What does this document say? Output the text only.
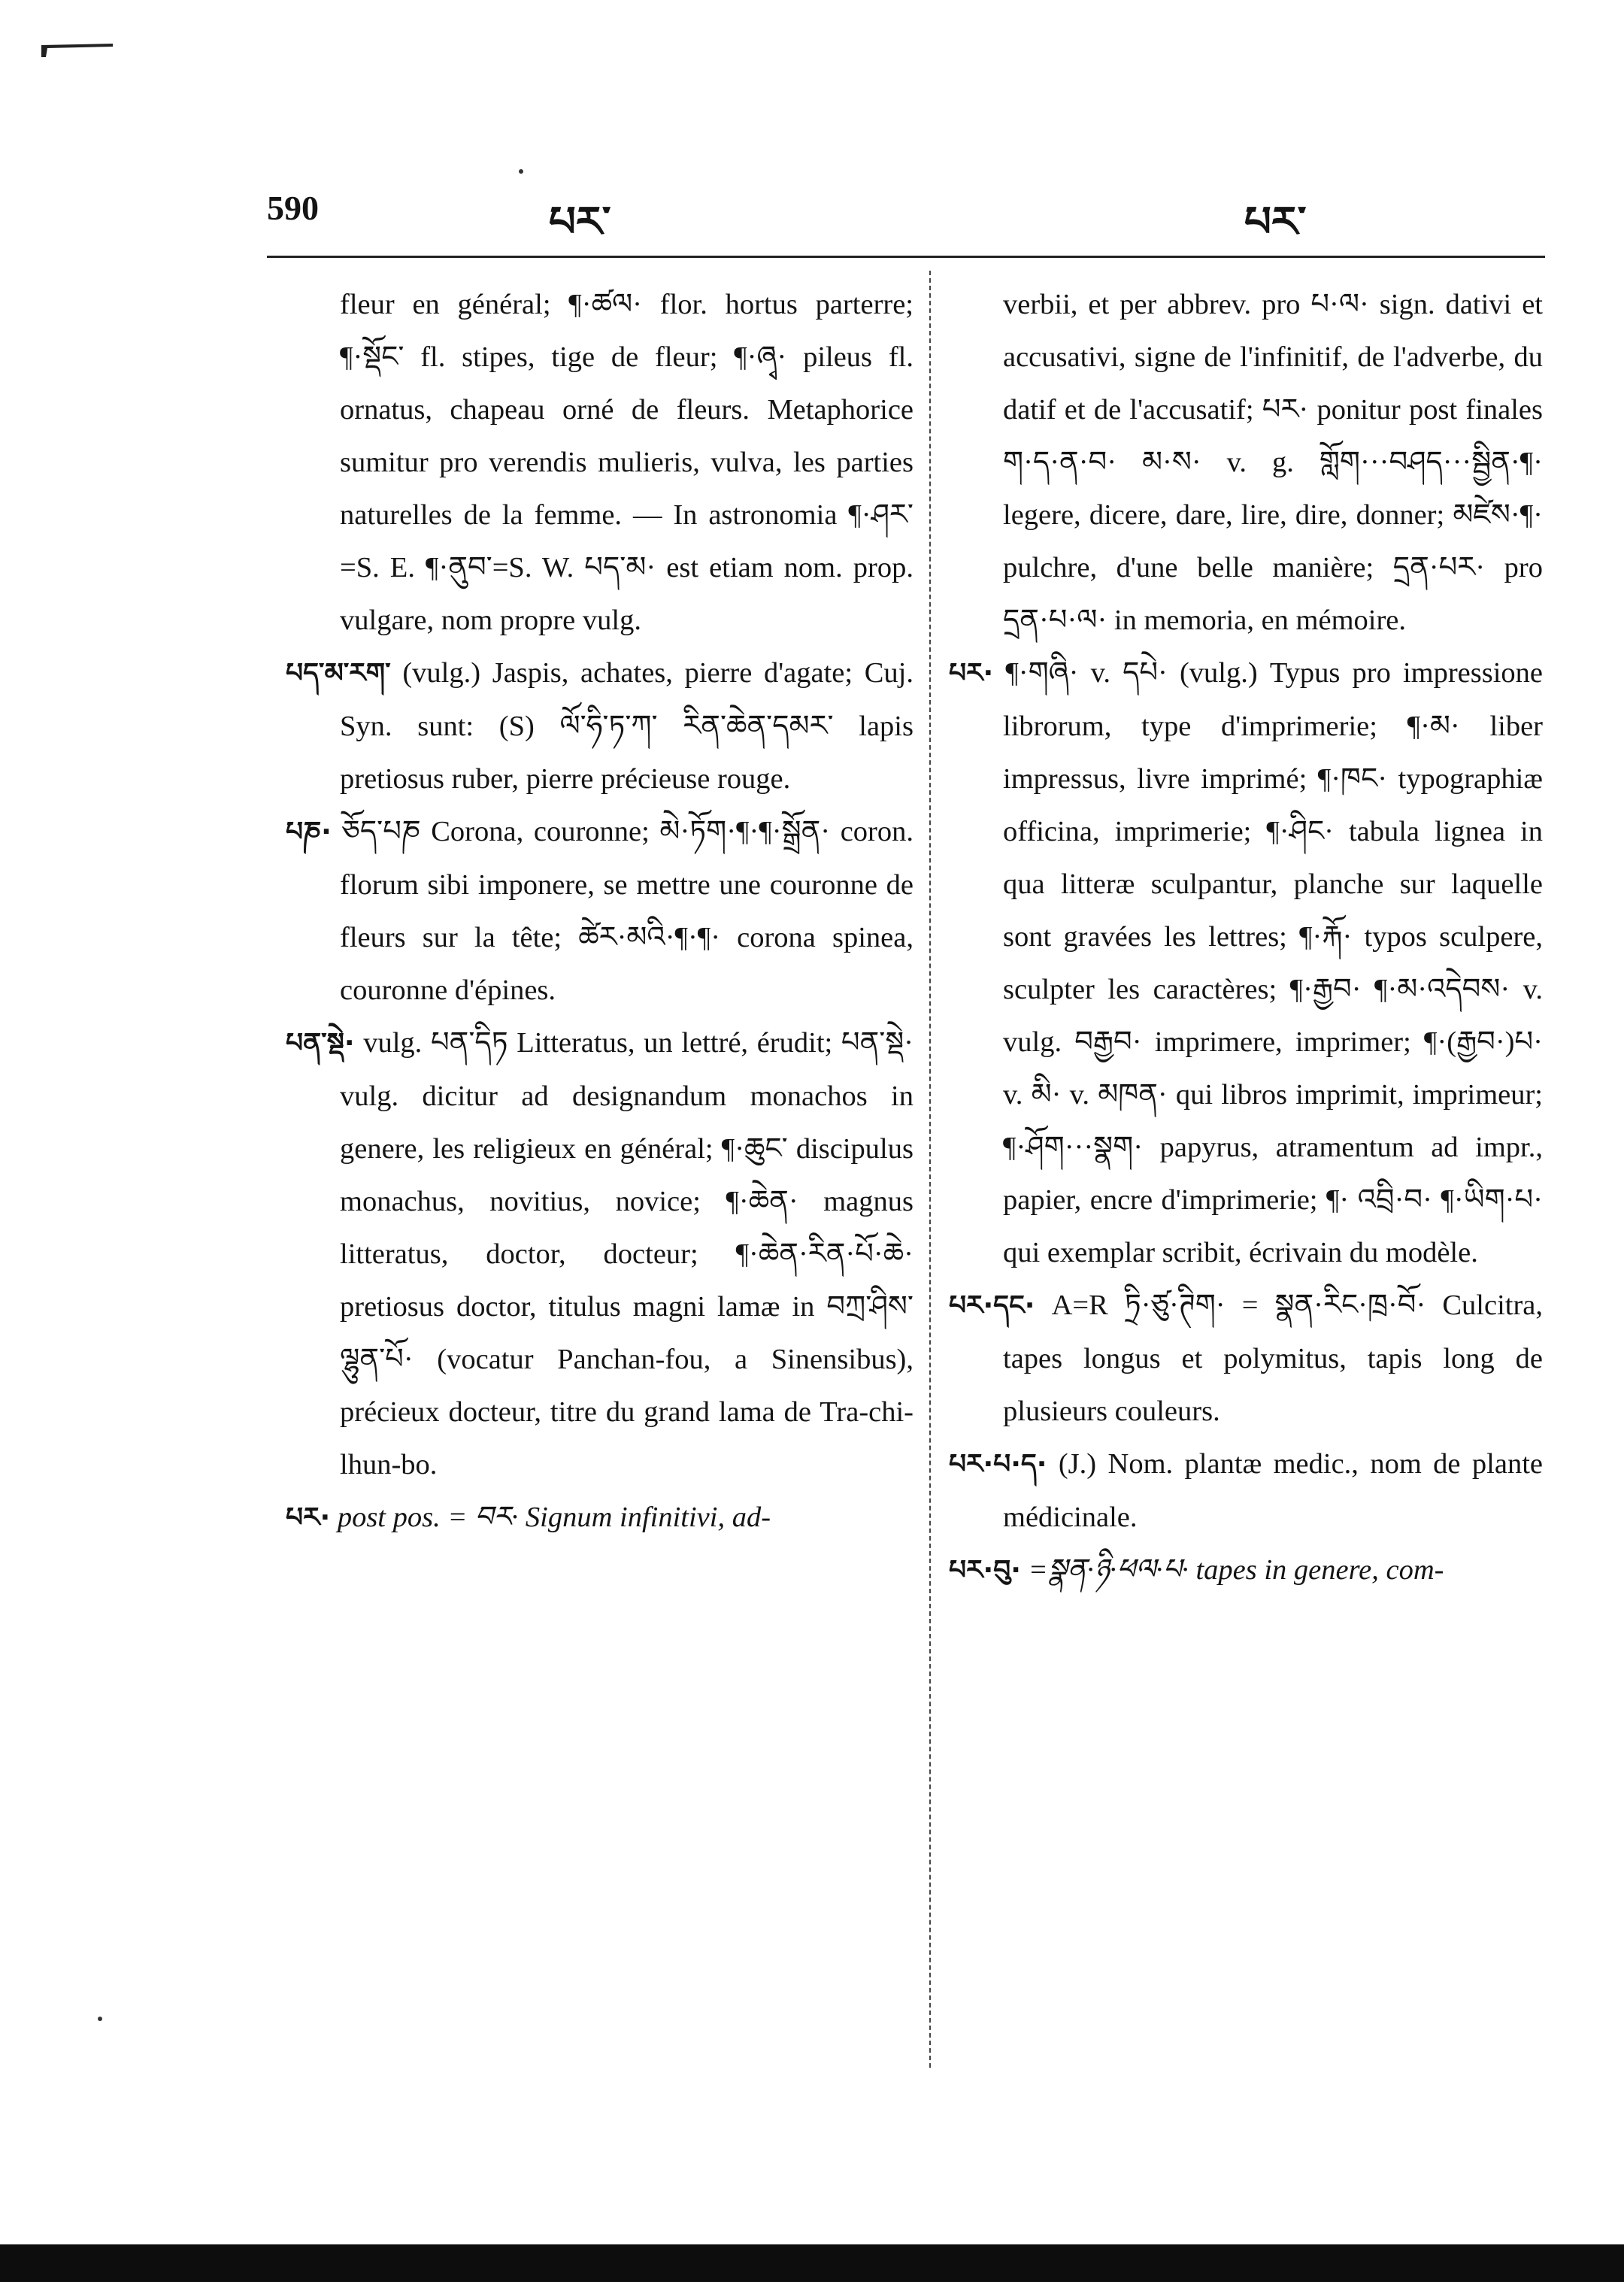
590	པར་	པར་

fleur en général; ¶·ཚལ· flor. hortus parterre; ¶·སྡོང་ fl. stipes, tige de fleur; ¶·ཞྭ· pileus fl. ornatus, chapeau orné de fleurs. Metaphorice sumitur pro verendis mulieris, vulva, les parties naturelles de la femme. — In astronomia ¶·ཤར་=S. E. ¶·ནུབ་=S. W. པད་མ· est etiam nom. prop. vulgare, nom propre vulg.

པད་མ་རག་ (vulg.) Jaspis, achates, pierre d'agate; Cuj. Syn. sunt: (S) ལོ་ཧི་ཏ་ཀ་ རིན་ཆེན་དམར་ lapis pretiosus ruber, pierre précieuse rouge.

པཎ· ཅོད་པཎ Corona, couronne; མེ·ཏོག·¶·¶·སྒྲོན· coron. florum sibi imponere, se mettre une couronne de fleurs sur la tête; ཚེར·མའི·¶·¶· corona spinea, couronne d'épines.

པན་སྡེ· vulg. པན་དིཏ Litteratus, un lettré, érudit; པན་སྡེ· vulg. dicitur ad designandum monachos in genere, les religieux en général; ¶·ཆུང་ discipulus monachus, novitius, novice; ¶·ཆེན· magnus litteratus, doctor, docteur; ¶·ཆེན·རིན·པོ·ཆེ· pretiosus doctor, titulus magni lamæ in བཀྲ་ཤིས་ལྷུན་པོ· (vocatur Panchan-fou, a Sinensibus), précieux docteur, titre du grand lama de Tra-chi-lhun-bo.

པར· post pos. = བར· Signum infinitivi, ad-

verbii, et per abbrev. pro པ·ལ· sign. dativi et accusativi, signe de l'infinitif, de l'adverbe, du datif et de l'accusatif; པར· ponitur post finales ག·ད·ན·བ· མ·ས· v. g. གློག···བཤད···སྦྱིན·¶· legere, dicere, dare, lire, dire, donner; མཛེས·¶· pulchre, d'une belle manière; དྲན·པར· pro དྲན·པ·ལ· in memoria, en mémoire.

པར· ¶·གཞི· v. དཔེ· (vulg.) Typus pro impressione librorum, type d'imprimerie; ¶·མ· liber impressus, livre imprimé; ¶·ཁང· typographiæ officina, imprimerie; ¶·ཤིང· tabula lignea in qua litteræ sculpantur, planche sur laquelle sont gravées les lettres; ¶·རྐོ· typos sculpere, sculpter les caractères; ¶·རྒྱབ· ¶·མ·འདེབས· v. vulg. བརྒྱབ· imprimere, imprimer; ¶·(རྒྱབ·)པ· v. མི· v. མཁན· qui libros imprimit, imprimeur; ¶·ཤོག···སྣག· papyrus, atramentum ad impr., papier, encre d'imprimerie; ¶· འབྲི·བ· ¶·ཡིག·པ· qui exemplar scribit, écrivain du modèle.

པར·དང· A=R ཏྲི·ཙུ·ཊིག· = སྣན·རིང·ཁྲ·བོ· Culcitra, tapes longus et polymitus, tapis long de plusieurs couleurs.

པར·པ·ད· (J.) Nom. plantæ medic., nom de plante médicinale.

པར·བུ· =སྣན·ཉི·ཕལ·པ· tapes in genere, com-
